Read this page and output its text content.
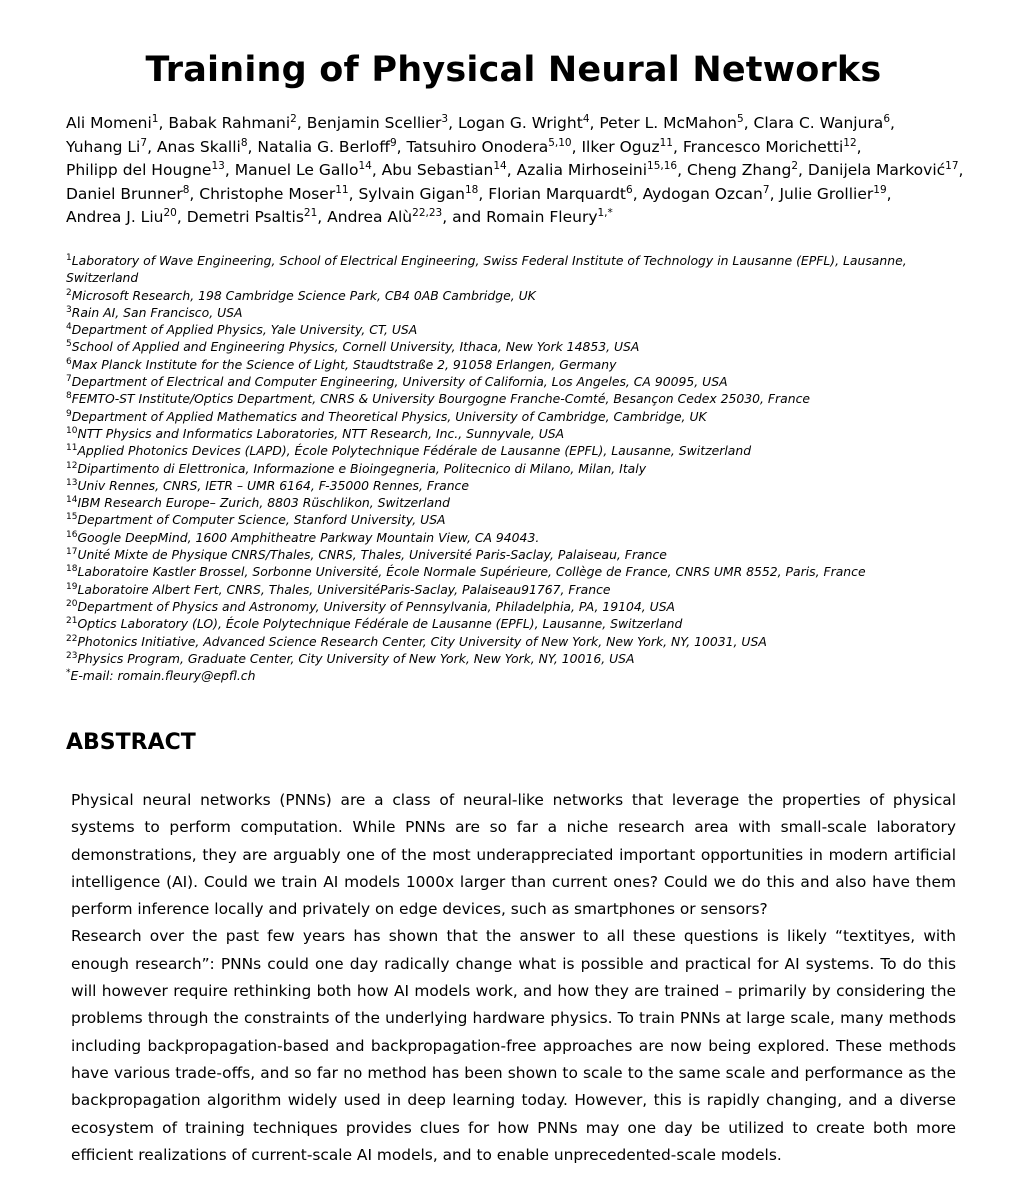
Training of Physical Neural Networks
Ali Momeni$^1$, Babak Rahmani$^2$, Benjamin Scellier$^3$, Logan G. Wright$^4$, Peter L. McMahon$^5$, Clara C. Wanjura$^6$,
Yuhang Li$^7$, Anas Skalli$^8$, Natalia G. Berloff$^9$, Tatsuhiro Onodera$^{5,10}$, Ilker Oguz$^{11}$, Francesco Morichetti$^{12}$,
Philipp del Hougne$^{13}$, Manuel Le Gallo$^{14}$, Abu Sebastian$^{14}$, Azalia Mirhoseini$^{15,16}$, Cheng Zhang$^2$, Danijela Marković$^{17}$,
Daniel Brunner$^8$, Christophe Moser$^{11}$, Sylvain Gigan$^{18}$, Florian Marquardt$^6$, Aydogan Ozcan$^7$, Julie Grollier$^{19}$,
Andrea J. Liu$^{20}$, Demetri Psaltis$^{21}$, Andrea Alù$^{22,23}$, and Romain Fleury$^{1,*}$
$^1$Laboratory of Wave Engineering, School of Electrical Engineering, Swiss Federal Institute of Technology in Lausanne (EPFL), Lausanne, Switzerland
$^2$Microsoft Research, 198 Cambridge Science Park, CB4 0AB Cambridge, UK
$^3$Rain AI, San Francisco, USA
$^4$Department of Applied Physics, Yale University, CT, USA
$^5$School of Applied and Engineering Physics, Cornell University, Ithaca, New York 14853, USA
$^6$Max Planck Institute for the Science of Light, Staudtstraße 2, 91058 Erlangen, Germany
$^7$Department of Electrical and Computer Engineering, University of California, Los Angeles, CA 90095, USA
$^8$FEMTO-ST Institute/Optics Department, CNRS & University Bourgogne Franche-Comté, Besançon Cedex 25030, France
$^9$Department of Applied Mathematics and Theoretical Physics, University of Cambridge, Cambridge, UK
$^{10}$NTT Physics and Informatics Laboratories, NTT Research, Inc., Sunnyvale, USA
$^{11}$Applied Photonics Devices (LAPD), École Polytechnique Fédérale de Lausanne (EPFL), Lausanne, Switzerland
$^{12}$Dipartimento di Elettronica, Informazione e Bioingegneria, Politecnico di Milano, Milan, Italy
$^{13}$Univ Rennes, CNRS, IETR – UMR 6164, F-35000 Rennes, France
$^{14}$IBM Research Europe– Zurich, 8803 Rüschlikon, Switzerland
$^{15}$Department of Computer Science, Stanford University, USA
$^{16}$Google DeepMind, 1600 Amphitheatre Parkway Mountain View, CA 94043.
$^{17}$Unité Mixte de Physique CNRS/Thales, CNRS, Thales, Université Paris-Saclay, Palaiseau, France
$^{18}$Laboratoire Kastler Brossel, Sorbonne Université, École Normale Supérieure, Collège de France, CNRS UMR 8552, Paris, France
$^{19}$Laboratoire Albert Fert, CNRS, Thales, UniversitéParis-Saclay, Palaiseau91767, France
$^{20}$Department of Physics and Astronomy, University of Pennsylvania, Philadelphia, PA, 19104, USA
$^{21}$Optics Laboratory (LO), École Polytechnique Fédérale de Lausanne (EPFL), Lausanne, Switzerland
$^{22}$Photonics Initiative, Advanced Science Research Center, City University of New York, New York, NY, 10031, USA
$^{23}$Physics Program, Graduate Center, City University of New York, New York, NY, 10016, USA
*E-mail: romain.fleury@epfl.ch
ABSTRACT

Physical neural networks (PNNs) are a class of neural-like networks that leverage the properties of physical systems to perform computation. While PNNs are so far a niche research area with small-scale laboratory demonstrations, they are arguably one of the most underappreciated important opportunities in modern artificial intelligence (AI). Could we train AI models 1000x larger than current ones? Could we do this and also have them perform inference locally and privately on edge devices, such as smartphones or sensors?

Research over the past few years has shown that the answer to all these questions is likely “textityes, with enough research”: PNNs could one day radically change what is possible and practical for AI systems. To do this will however require rethinking both how AI models work, and how they are trained – primarily by considering the problems through the constraints of the underlying hardware physics. To train PNNs at large scale, many methods including backpropagation-based and backpropagation-free approaches are now being explored. These methods have various trade-offs, and so far no method has been shown to scale to the same scale and performance as the backpropagation algorithm widely used in deep learning today. However, this is rapidly changing, and a diverse ecosystem of training techniques provides clues for how PNNs may one day be utilized to create both more efficient realizations of current-scale AI models, and to enable unprecedented-scale models.
